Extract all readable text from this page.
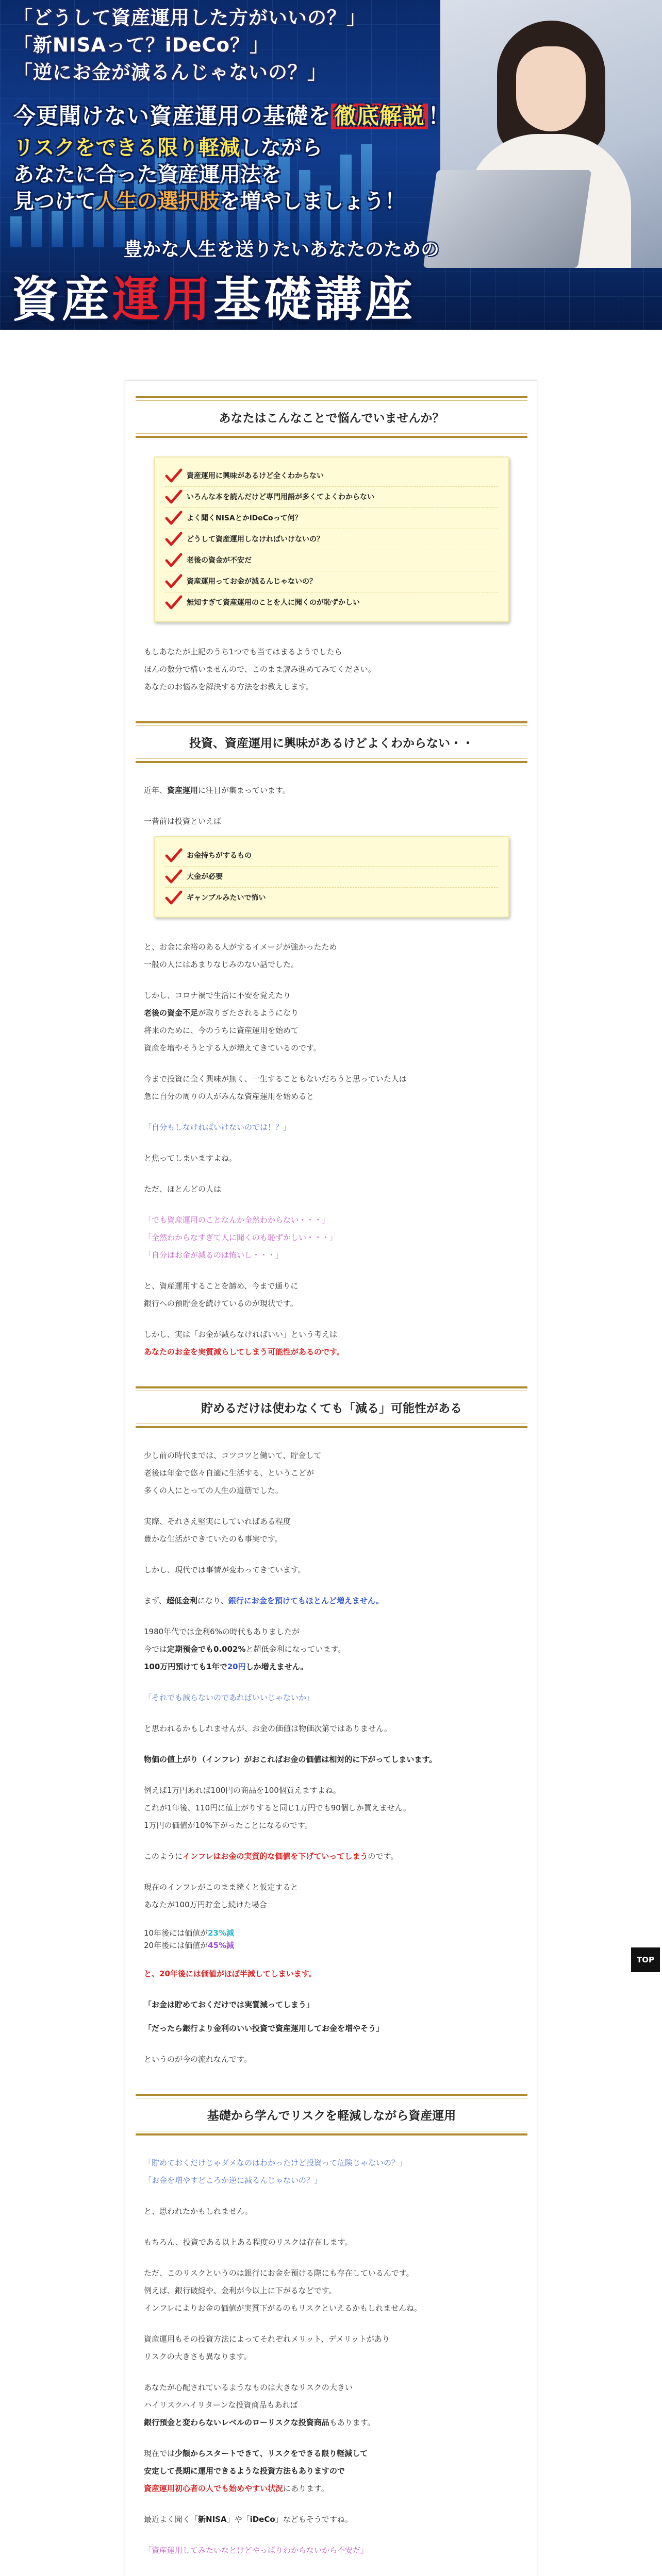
「どうして資産運用した方がいいの？」
「新NISAって？iDeCo？」
「逆にお金が減るんじゃないの？」
今更聞けない資産運用の基礎を 徹底解説 ！
リスクをできる限り軽減しながら
あなたに合った資産運用法を
見つけて人生の選択肢を増やしましょう！
豊かな人生を送りたいあなたのための
資産運用基礎講座
あなたはこんなことで悩んでいませんか？
資産運用に興味があるけど全くわからない
いろんな本を読んだけど専門用語が多くてよくわからない
よく聞くNISAとかiDeCoって何？
どうして資産運用しなければいけないの？
老後の資金が不安だ
資産運用ってお金が減るんじゃないの？
無知すぎて資産運用のことを人に聞くのが恥ずかしい

もしあなたが上記のうち1つでも当てはまるようでしたら

ほんの数分で構いませんので、このまま読み進めてみてください。

あなたのお悩みを解決する方法をお教えします。

投資、資産運用に興味があるけどよくわからない・・

近年、資産運用に注目が集まっています。

一昔前は投資といえば

お金持ちがするもの
大金が必要
ギャンブルみたいで怖い

と、お金に余裕のある人がするイメージが強かったため

一般の人にはあまりなじみのない話でした。

しかし、コロナ禍で生活に不安を覚えたり

老後の資金不足が取りざたされるようになり

将来のために、今のうちに資産運用を始めて

資産を増やそうとする人が増えてきているのです。

今まで投資に全く興味が無く、一生することもないだろうと思っていた人は

急に自分の周りの人がみんな資産運用を始めると

「自分もしなければいけないのでは！？」

と焦ってしまいますよね。

ただ、ほとんどの人は

「でも資産運用のことなんか全然わからない・・・」

「全然わからなすぎて人に聞くのも恥ずかしい・・・」

「自分はお金が減るのは怖いし・・・」

と、資産運用することを諦め、今まで通りに

銀行への預貯金を続けているのが現状です。

しかし、実は「お金が減らなければいい」という考えは

あなたのお金を実質減らしてしまう可能性があるのです。

貯めるだけは使わなくても「減る」可能性がある

少し前の時代までは、コツコツと働いて、貯金して

老後は年金で悠々自適に生活する、というこどが

多くの人にとっての人生の道筋でした。

実際、それさえ堅実にしていればある程度

豊かな生活ができていたのも事実です。

しかし、現代では事情が変わってきています。

まず、超低金利になり、銀行にお金を預けてもほとんど増えません。

1980年代では金利6%の時代もありましたが

今では定期預金でも0.002%と超低金利になっています。

100万円預けても1年で20円しか増えません。

「それでも減らないのであればいいじゃないか」

と思われるかもしれませんが、お金の価値は物価次第ではありません。

物価の値上がり（インフレ）がおこればお金の価値は相対的に下がってしまいます。

例えば1万円あれば100円の商品を100個買えますよね。

これが1年後、110円に値上がりすると同じ1万円でも90個しか買えません。

1万円の価値が10%下がったことになるのです。

このようにインフレはお金の実質的な価値を下げていってしまうのです。

現在のインフレがこのまま続くと仮定すると

あなたが100万円貯金し続けた場合

10年後には価値が23%減

20年後には価値が45%減

と、20年後には価値がほぼ半減してしまいます。

「お金は貯めておくだけでは実質減ってしまう」

「だったら銀行より金利のいい投資で資産運用してお金を増やそう」

というのが今の流れなんです。

基礎から学んでリスクを軽減しながら資産運用

「貯めておくだけじゃダメなのはわかったけど投資って危険じゃないの？」

「お金を増やすどころか逆に減るんじゃないの？」

と、思われたかもしれません。

もちろん、投資である以上ある程度のリスクは存在します。

ただ、このリスクというのは銀行にお金を預ける際にも存在しているんです。

例えば、銀行破綻や、金利が今以上に下がるなどです。

インフレによりお金の価値が実質下がるのもリスクといえるかもしれませんね。

資産運用もその投資方法によってそれぞれメリット、デメリットがあり

リスクの大きさも異なります。

あなたが心配されているようなものは大きなリスクの大きい

ハイリスクハイリターンな投資商品もあれば

銀行預金と変わらないレベルのローリスクな投資商品もあります。

現在では少額からスタートできて、リスクをできる限り軽減して

安定して長期に運用できるような投資方法もありますので

資産運用初心者の人でも始めやすい状況にあります。

最近よく聞く「新NISA」や「iDeCo」などもそうですね。

「資産運用してみたいなとけどやっぱりわからないから不安だ」

TOP
